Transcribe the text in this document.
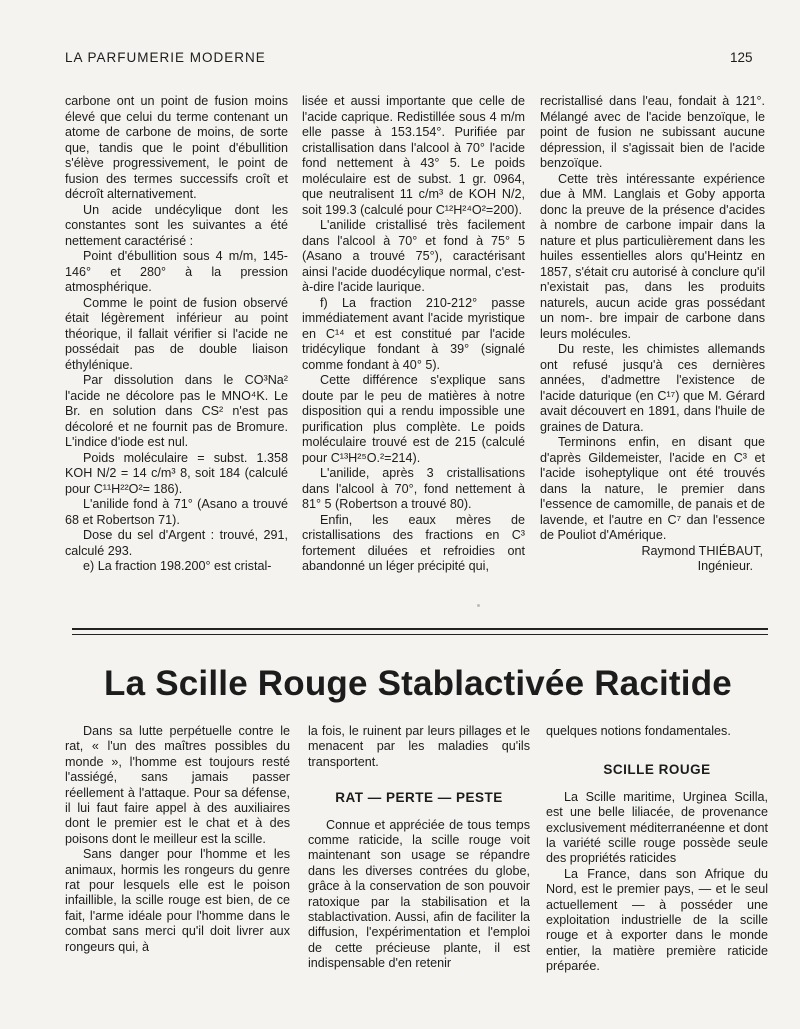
LA PARFUMERIE MODERNE	125

carbone ont un point de fusion moins élevé que celui du terme contenant un atome de carbone de moins, de sorte que, tandis que le point d'ébullition s'élève progressivement, le point de fusion des termes successifs croît et décroît alternativement.

Un acide undécylique dont les constantes sont les suivantes a été nettement caractérisé :

Point d'ébullition sous 4 m/m, 145-146° et 280° à la pression atmosphérique.

Comme le point de fusion observé était légèrement inférieur au point théorique, il fallait vérifier si l'acide ne possédait pas de double liaison éthylénique.

Par dissolution dans le CO³Na² l'acide ne décolore pas le MNO⁴K. Le Br. en solution dans CS² n'est pas décoloré et ne fournit pas de Bromure. L'indice d'iode est nul.

Poids moléculaire = subst. 1.358 KOH N/2 = 14 c/m³ 8, soit 184 (calculé pour C¹¹H²²O²= 186).

L'anilide fond à 71° (Asano a trouvé 68 et Robertson 71).

Dose du sel d'Argent : trouvé, 291, calculé 293.

e) La fraction 198.200° est cristal-

lisée et aussi importante que celle de l'acide caprique. Redistillée sous 4 m/m elle passe à 153.154°. Purifiée par cristallisation dans l'alcool à 70° l'acide fond nettement à 43° 5. Le poids moléculaire est de subst. 1 gr. 0964, que neutralisent 11 c/m³ de KOH N/2, soit 199.3 (calculé pour C¹²H²⁴O²=200).

L'anilide cristallisé très facilement dans l'alcool à 70° et fond à 75° 5 (Asano a trouvé 75°), caractérisant ainsi l'acide duodécylique normal, c'est-à-dire l'acide laurique.

f) La fraction 210-212° passe immédiatement avant l'acide myristique en C¹⁴ et est constitué par l'acide tridécylique fondant à 39° (signalé comme fondant à 40° 5).

Cette différence s'explique sans doute par le peu de matières à notre disposition qui a rendu impossible une purification plus complète. Le poids moléculaire trouvé est de 215 (calculé pour C¹³H²⁵O.²=214).

L'anilide, après 3 cristallisations dans l'alcool à 70°, fond nettement à 81° 5 (Robertson a trouvé 80).

Enfin, les eaux mères de cristallisations des fractions en C³ fortement diluées et refroidies ont abandonné un léger précipité qui,

recristallisé dans l'eau, fondait à 121°. Mélangé avec de l'acide benzoïque, le point de fusion ne subissant aucune dépression, il s'agissait bien de l'acide benzoïque.

Cette très intéressante expérience due à MM. Langlais et Goby apporta donc la preuve de la présence d'acides à nombre de carbone impair dans la nature et plus particulièrement dans les huiles essentielles alors qu'Heintz en 1857, s'était cru autorisé à conclure qu'il n'existait pas, dans les produits naturels, aucun acide gras possédant un nom-. bre impair de carbone dans leurs molécules.

Du reste, les chimistes allemands ont refusé jusqu'à ces dernières années, d'admettre l'existence de l'acide daturique (en C¹⁷) que M. Gérard avait découvert en 1891, dans l'huile de graines de Datura.

Terminons enfin, en disant que d'après Gildemeister, l'acide en C³ et l'acide isoheptylique ont été trouvés dans la nature, le premier dans l'essence de camomille, de panais et de lavende, et l'autre en C⁷ dan l'essence de Pouliot d'Amérique.

Raymond THIÉBAUT,

Ingénieur.

La Scille Rouge Stablactivée Racitide

Dans sa lutte perpétuelle contre le rat, « l'un des maîtres possibles du monde », l'homme est toujours resté l'assiégé, sans jamais passer réellement à l'attaque. Pour sa défense, il lui faut faire appel à des auxiliaires dont le premier est le chat et à des poisons dont le meilleur est la scille.

Sans danger pour l'homme et les animaux, hormis les rongeurs du genre rat pour lesquels elle est le poison infaillible, la scille rouge est bien, de ce fait, l'arme idéale pour l'homme dans le combat sans merci qu'il doit livrer aux rongeurs qui, à

la fois, le ruinent par leurs pillages et le menacent par les maladies qu'ils transportent.

RAT — PERTE — PESTE

Connue et appréciée de tous temps comme raticide, la scille rouge voit maintenant son usage se répandre dans les diverses contrées du globe, grâce à la conservation de son pouvoir ratoxique par la stabilisation et la stablactivation. Aussi, afin de faciliter la diffusion, l'expérimentation et l'emploi de cette précieuse plante, il est indispensable d'en retenir

quelques notions fondamentales.

SCILLE ROUGE

La Scille maritime, Urginea Scilla, est une belle liliacée, de provenance exclusivement méditerranéenne et dont la variété scille rouge possède seule des propriétés raticides

La France, dans son Afrique du Nord, est le premier pays, — et le seul actuellement — à posséder une exploitation industrielle de la scille rouge et à exporter dans le monde entier, la matière première raticide préparée.
